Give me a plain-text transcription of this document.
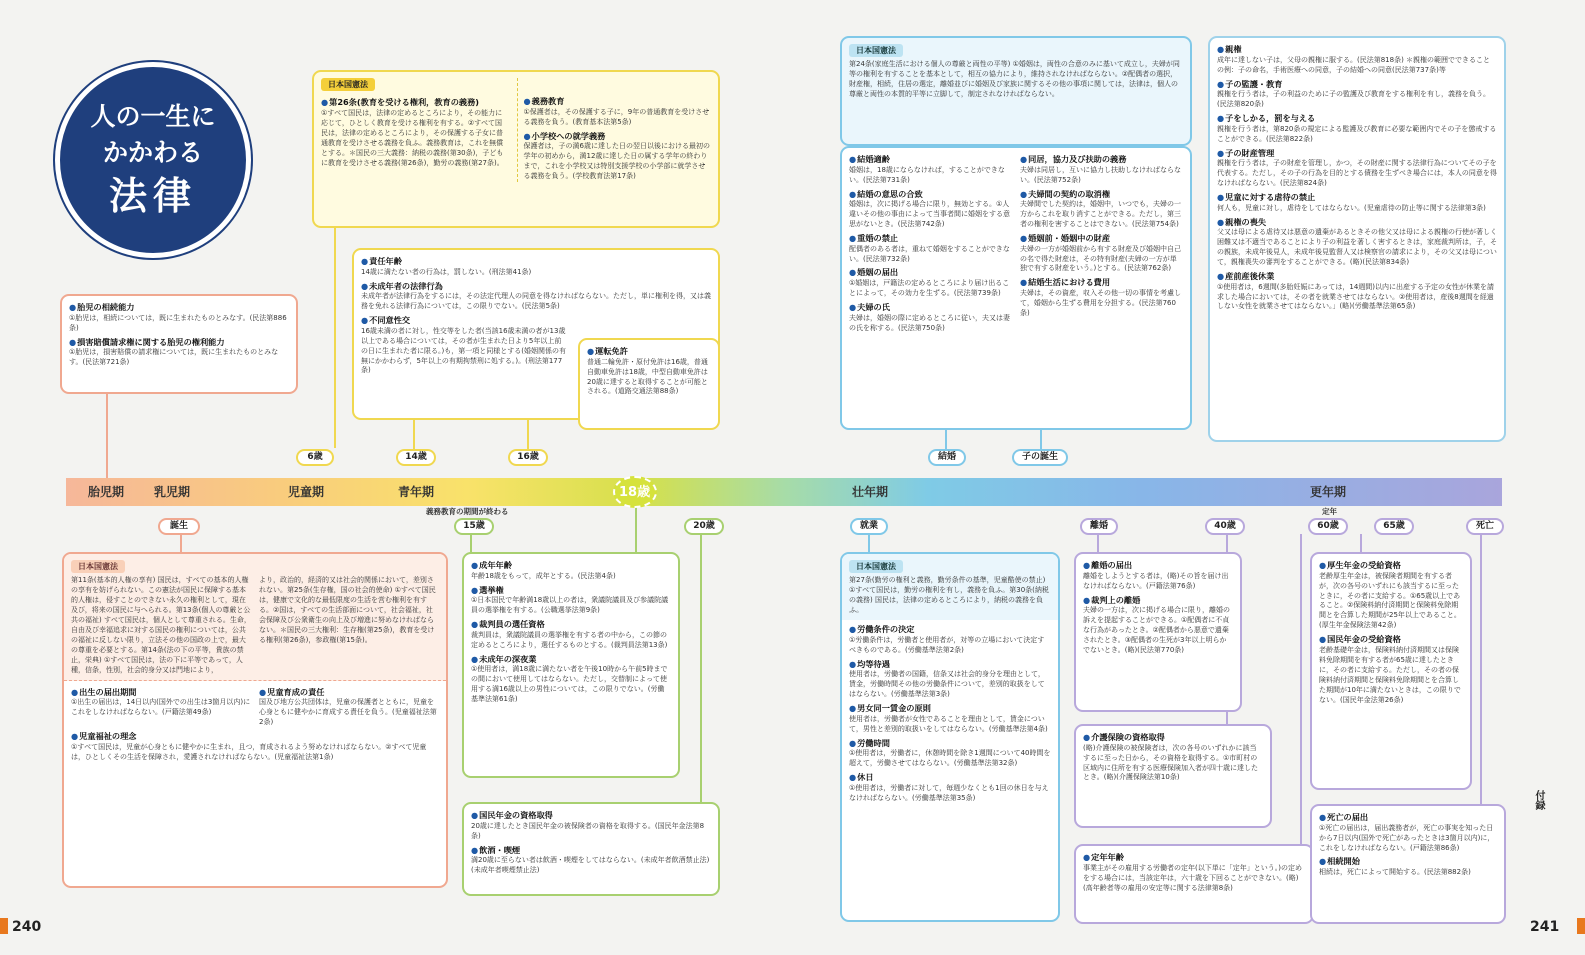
人の一生に
かかわる
法律
● 胎児の相続能力
①胎児は，相続については，既に生まれたものとみなす。(民法第886条)
● 損害賠償請求権に関する胎児の権利能力
①胎児は，損害賠償の請求権については，既に生まれたものとみなす。(民法第721条)
日本国憲法
● 第26条(教育を受ける権利，教育の義務)
①すべて国民は，法律の定めるところにより，その能力に応じて，ひとしく教育を受ける権利を有する。②すべて国民は，法律の定めるところにより，その保護する子女に普通教育を受けさせる義務を負ふ。義務教育は，これを無償とする。＊国民の三大義務：納税の義務(第30条)，子どもに教育を受けさせる義務(第26条)，勤労の義務(第27条)。
● 義務教育
①保護者は，その保護する子に，9年の普通教育を受けさせる義務を負う。(教育基本法第5条)
● 小学校への就学義務
保護者は，子の満6歳に達した日の翌日以後における最初の学年の初めから，満12歳に達した日の属する学年の終わりまで，これを小学校又は特別支援学校の小学部に就学させる義務を負う。(学校教育法第17条)
● 責任年齢
14歳に満たない者の行為は，罰しない。(刑法第41条)
● 未成年者の法律行為
未成年者が法律行為をするには，その法定代理人の同意を得なければならない。ただし，単に権利を得，又は義務を免れる法律行為については，この限りでない。(民法第5条)
● 不同意性交
16歳未満の者に対し，性交等をした者(当該16歳未満の者が13歳以上である場合については，その者が生まれた日より5年以上前の日に生まれた者に限る。)も，第一項と同様とする(婚姻関係の有無にかかわらず，5年以上の有期拘禁刑に処する。)。(刑法第177条)
● 運転免許
普通二輪免許・原付免許は16歳，普通自動車免許は18歳，中型自動車免許は20歳に達すると取得することが可能とされる。(道路交通法第88条)
日本国憲法
第24条(家庭生活における個人の尊厳と両性の平等) ①婚姻は，両性の合意のみに基いて成立し，夫婦が同等の権利を有することを基本として，相互の協力により，維持されなければならない。②配偶者の選択，財産権，相続，住居の選定，離婚並びに婚姻及び家族に関するその他の事項に関しては，法律は，個人の尊厳と両性の本質的平等に立脚して，制定されなければならない。
● 結婚適齢
婚姻は，18歳にならなければ，することができない。(民法第731条)
● 結婚の意思の合致
婚姻は，次に掲げる場合に限り，無効とする。①人違いその他の事由によって当事者間に婚姻をする意思がないとき。(民法第742条)
● 重婚の禁止
配偶者のある者は，重ねて婚姻をすることができない。(民法第732条)
● 婚姻の届出
①婚姻は，戸籍法の定めるところにより届け出ることによって，その効力を生ずる。(民法第739条)
● 夫婦の氏
夫婦は，婚姻の際に定めるところに従い，夫又は妻の氏を称する。(民法第750条)
● 同居，協力及び扶助の義務
夫婦は同居し，互いに協力し扶助しなければならない。(民法第752条)
● 夫婦間の契約の取消権
夫婦間でした契約は，婚姻中，いつでも，夫婦の一方からこれを取り消すことができる。ただし，第三者の権利を害することはできない。(民法第754条)
● 婚姻前・婚姻中の財産
夫婦の一方が婚姻前から有する財産及び婚姻中自己の名で得た財産は，その特有財産(夫婦の一方が単独で有する財産をいう。)とする。(民法第762条)
● 結婚生活における費用
夫婦は，その資産，収入その他一切の事情を考慮して，婚姻から生ずる費用を分担する。(民法第760条)
● 親権
成年に達しない子は，父母の親権に服する。(民法第818条) ＊親権の範囲でできることの例：子の命名，手術医療への同意，子の結婚への同意(民法第737条)等
● 子の監護・教育
親権を行う者は，子の利益のために子の監護及び教育をする権利を有し，義務を負う。(民法第820条)
● 子をしかる，罰を与える
親権を行う者は，第820条の規定による監護及び教育に必要な範囲内でその子を懲戒することができる。(民法第822条)
● 子の財産管理
親権を行う者は，子の財産を管理し，かつ，その財産に関する法律行為についてその子を代表する。ただし，その子の行為を目的とする債務を生ずべき場合には，本人の同意を得なければならない。(民法第824条)
● 児童に対する虐待の禁止
何人も，児童に対し，虐待をしてはならない。(児童虐待の防止等に関する法律第3条)
● 親権の喪失
父又は母による虐待又は悪意の遺棄があるときその他父又は母による親権の行使が著しく困難又は不適当であることにより子の利益を著しく害するときは，家庭裁判所は，子，その親族，未成年後見人，未成年後見監督人又は検察官の請求により，その父又は母について，親権喪失の審判をすることができる。(略)(民法第834条)
● 産前産後休業
①使用者は，6週間(多胎妊娠にあっては，14週間)以内に出産する予定の女性が休業を請求した場合においては，その者を就業させてはならない。②使用者は，産後8週間を経過しない女性を就業させてはならない。」(略)(労働基準法第65条)
6歳	14歳	16歳	結婚	子の誕生
胎児期 乳児期	児童期	青年期	18歳	壮年期	更年期
義務教育の期間が終わる	定年
誕生	15歳	20歳	就業	離婚	40歳	60歳	65歳	死亡
日本国憲法
第11条(基本的人権の享有) 国民は，すべての基本的人権の享有を妨げられない。この憲法が国民に保障する基本的人権は，侵すことのできない永久の権利として，現在及び，将来の国民に与へられる。第13条(個人の尊厳と公共の福祉) すべて国民は，個人として尊重される。生命，自由及び幸福追求に対する国民の権利については，公共の福祉に反しない限り，立法その他の国政の上で，最大の尊重を必要とする。第14条(法の下の平等，貴族の禁止，栄典) ①すべて国民は，法の下に平等であって，人種，信条，性別，社会的身分又は門地により，
より，政治的，経済的又は社会的関係において，差別されない。第25条(生存権，国の社会的使命) ①すべて国民は，健康で文化的な最低限度の生活を営む権利を有する。②国は，すべての生活部面について，社会福祉，社会保障及び公衆衛生の向上及び増進に努めなければならない。＊国民の三大権利：生存権(第25条)，教育を受ける権利(第26条)，参政権(第15条)。
● 出生の届出期間
①出生の届出は，14日以内(国外での出生は3箇月以内)にこれをしなければならない。(戸籍法第49条)
● 児童育成の責任
国及び地方公共団体は，児童の保護者とともに，児童を心身ともに健やかに育成する責任を負う。(児童福祉法第2条)
● 児童福祉の理念
①すべて国民は，児童が心身ともに健やかに生まれ，且つ，育成されるよう努めなければならない。②すべて児童は，ひとしくその生活を保障され，愛護されなければならない。(児童福祉法第1条)
● 成年年齢
年齢18歳をもって，成年とする。(民法第4条)
● 選挙権
①日本国民で年齢満18歳以上の者は，衆議院議員及び参議院議員の選挙権を有する。(公職選挙法第9条)
● 裁判員の選任資格
裁判員は，衆議院議員の選挙権を有する者の中から，この節の定めるところにより，選任するものとする。(裁判員法第13条)
● 未成年の深夜業
①使用者は，満18歳に満たない者を午後10時から午前5時までの間において使用してはならない。ただし，交替制によって使用する満16歳以上の男性については，この限りでない。(労働基準法第61条)
● 国民年金の資格取得
20歳に達したとき国民年金の被保険者の資格を取得する。(国民年金法第8条)
● 飲酒・喫煙
満20歳に至らない者は飲酒・喫煙をしてはならない。(未成年者飲酒禁止法)(未成年者喫煙禁止法)
日本国憲法
第27条(勤労の権利と義務，勤労条件の基準，児童酷使の禁止) ①すべて国民は，勤労の権利を有し，義務を負ふ。第30条(納税の義務) 国民は，法律の定めるところにより，納税の義務を負ふ。
● 労働条件の決定
①労働条件は，労働者と使用者が，対等の立場において決定すべきものである。(労働基準法第2条)
● 均等待遇
使用者は，労働者の国籍，信条又は社会的身分を理由として，賃金，労働時間その他の労働条件について，差別的取扱をしてはならない。(労働基準法第3条)
● 男女同一賃金の原則
使用者は，労働者が女性であることを理由として，賃金について，男性と差別的取扱いをしてはならない。(労働基準法第4条)
● 労働時間
①使用者は，労働者に，休憩時間を除き1週間について40時間を超えて，労働させてはならない。(労働基準法第32条)
● 休日
①使用者は，労働者に対して，毎週少なくとも1回の休日を与えなければならない。(労働基準法第35条)
● 離婚の届出
離婚をしようとする者は，(略)その旨を届け出なければならない。(戸籍法第76条)
● 裁判上の離婚
夫婦の一方は，次に掲げる場合に限り，離婚の訴えを提起することができる。①配偶者に不貞な行為があったとき。②配偶者から悪意で遺棄されたとき。③配偶者の生死が3年以上明らかでないとき。(略)(民法第770条)
● 介護保険の資格取得
(略)介護保険の被保険者は，次の各号のいずれかに該当するに至った日から，その資格を取得する。①市町村の区域内に住所を有する医療保険加入者が四十歳に達したとき。(略)(介護保険法第10条)
● 定年年齢
事業主がその雇用する労働者の定年(以下単に「定年」という。)の定めをする場合には，当該定年は，六十歳を下回ることができない。(略)(高年齢者等の雇用の安定等に関する法律第8条)
● 厚生年金の受給資格
老齢厚生年金は，被保険者期間を有する者が，次の各号のいずれにも該当するに至ったときに，その者に支給する。①65歳以上であること。②保険料納付済期間と保険料免除期間とを合算した期間が25年以上であること。(厚生年金保険法第42条)
● 国民年金の受給資格
老齢基礎年金は，保険料納付済期間又は保険料免除期間を有する者が65歳に達したときに，その者に支給する。ただし，その者の保険料納付済期間と保険料免除期間とを合算した期間が10年に満たないときは，この限りでない。(国民年金法第26条)
● 死亡の届出
①死亡の届出は，届出義務者が，死亡の事実を知った日から7日以内(国外で死亡があったときは3箇月以内)に，これをしなければならない。(戸籍法第86条)
● 相続開始
相続は，死亡によって開始する。(民法第882条)
付録
240	241
